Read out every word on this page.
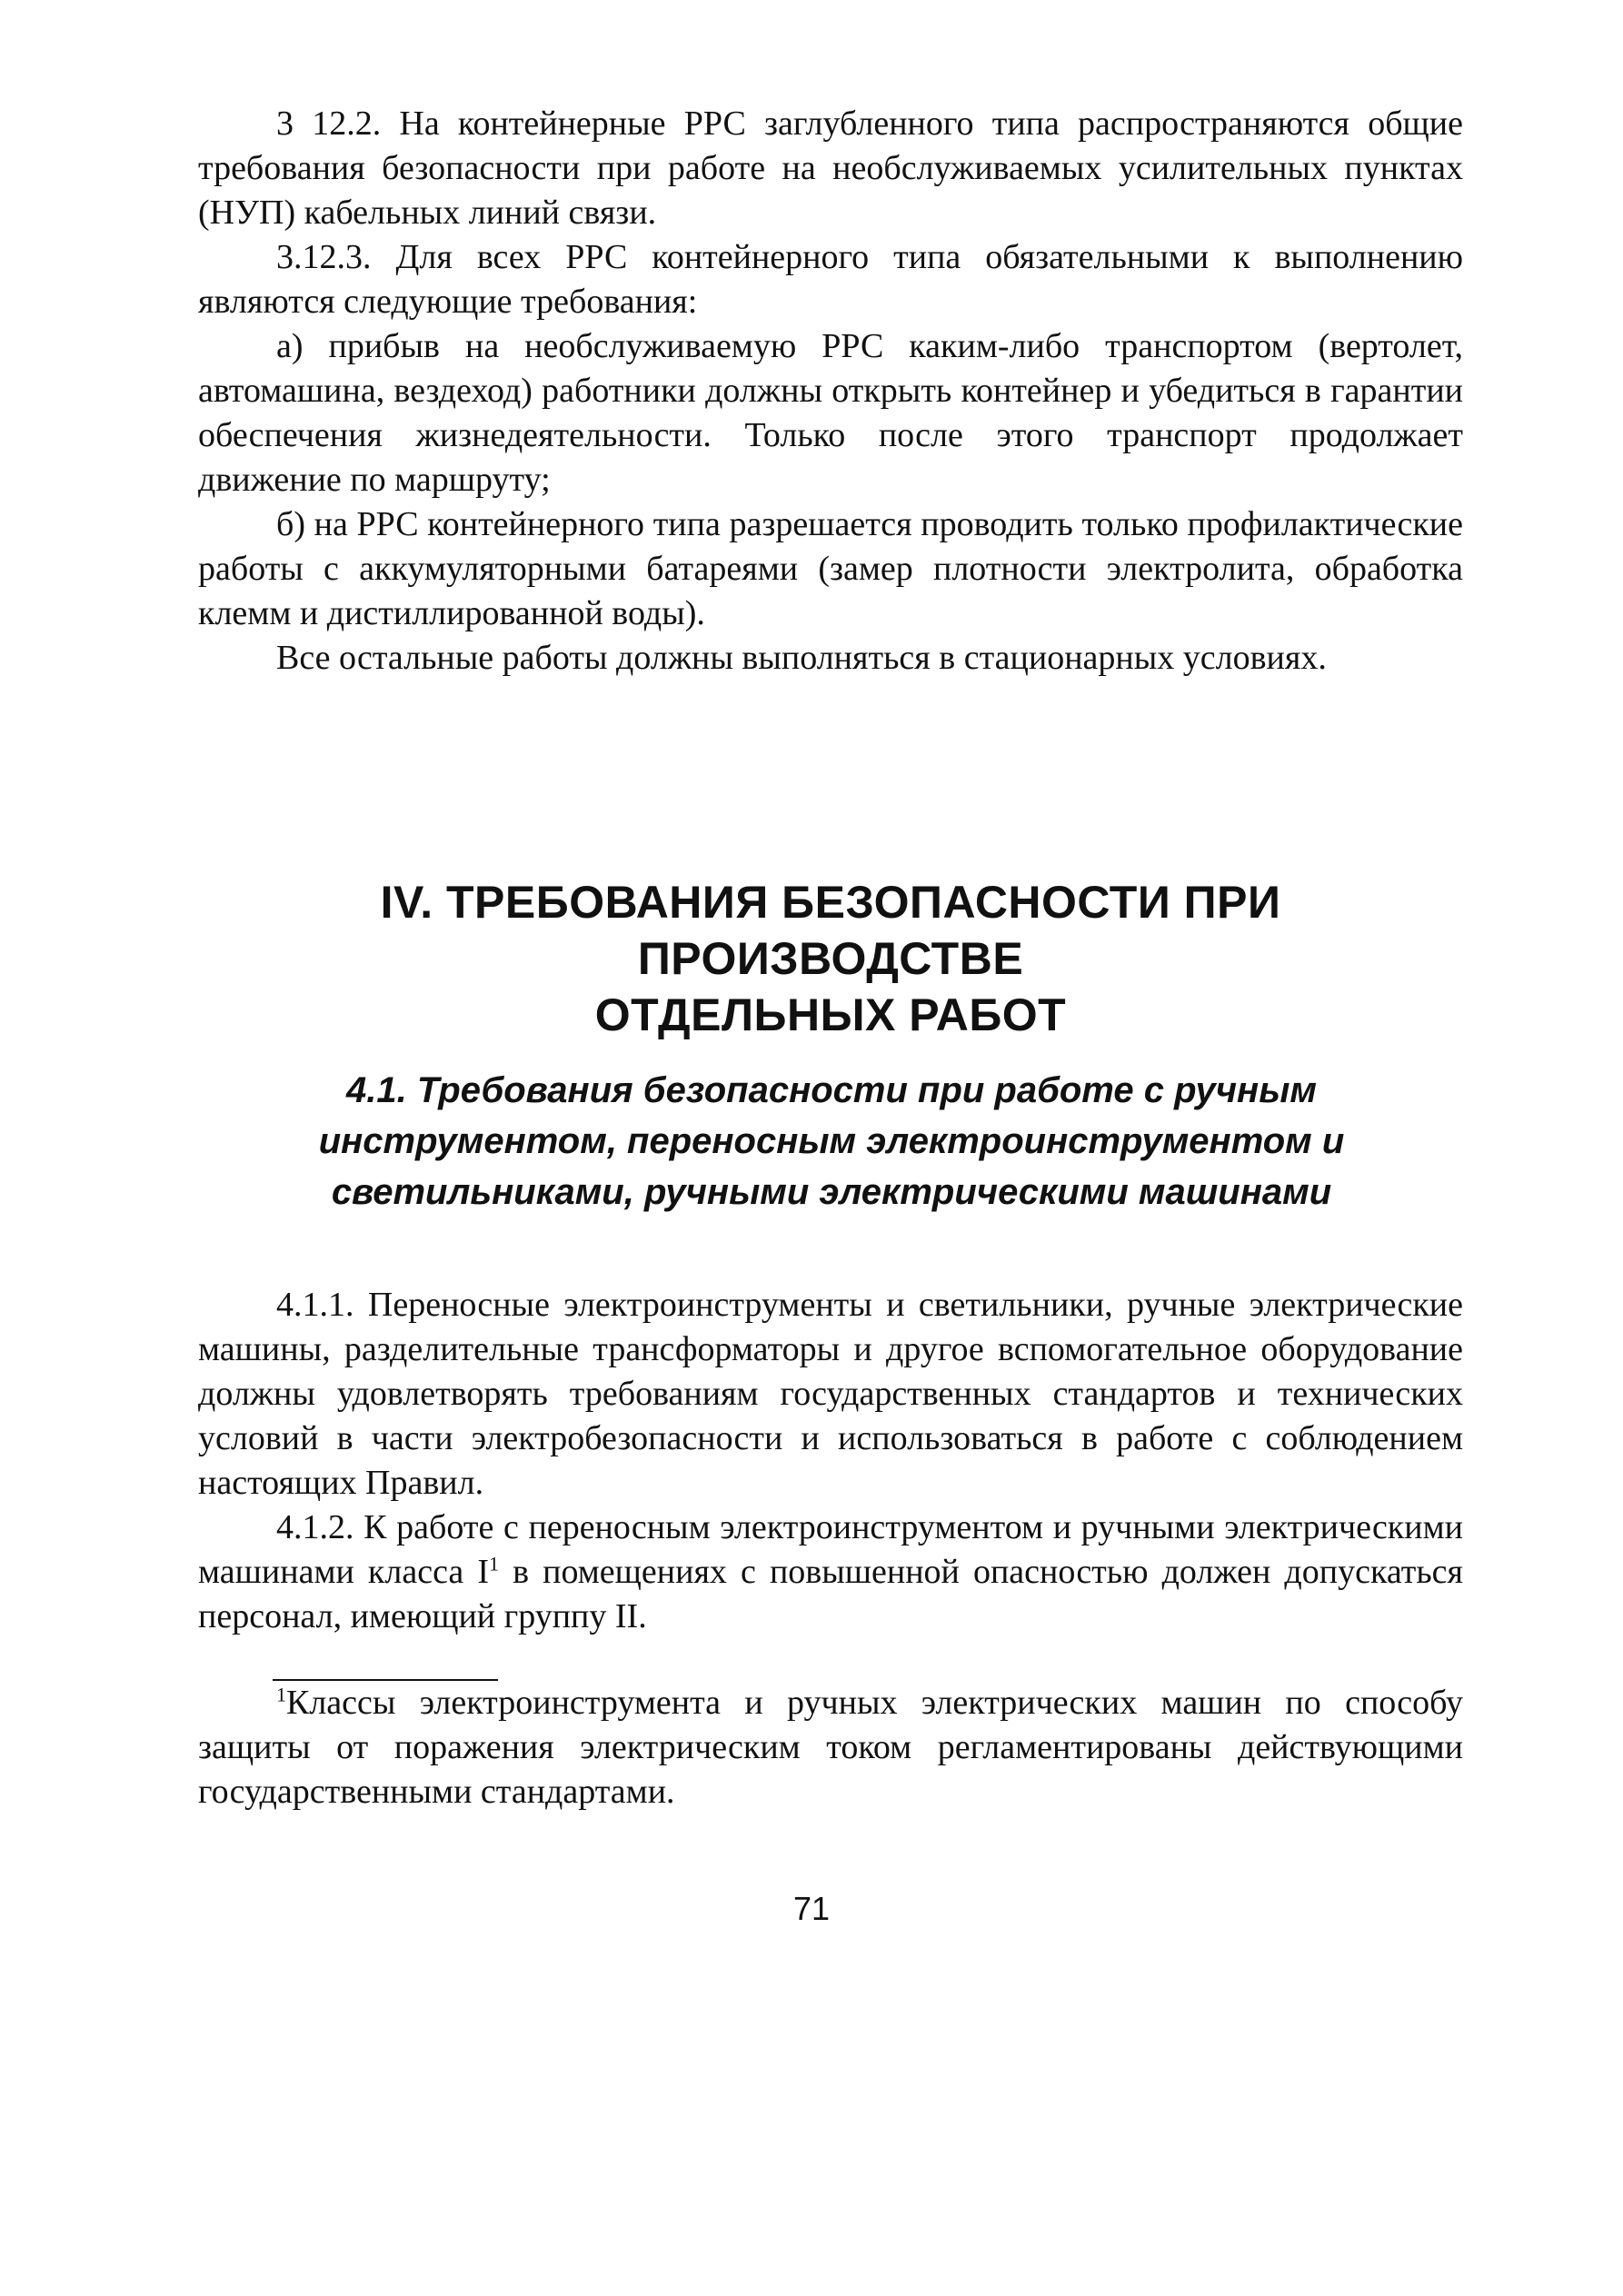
3 12.2. На контейнерные РРС заглубленного типа распространяются общие требования безопасности при работе на необслуживаемых усилительных пунктах (НУП) кабельных линий связи.

3.12.3. Для всех РРС контейнерного типа обязательными к выполнению являются следующие требования:

а) прибыв на необслуживаемую РРС каким-либо транспортом (вертолет, автомашина, вездеход) работники должны открыть контейнер и убедиться в гарантии обеспечения жизнедеятельности. Только после этого транспорт продолжает движение по маршруту;

б) на РРС контейнерного типа разрешается проводить только профилактические работы с аккумуляторными батареями (замер плотности электролита, обработка клемм и дистиллированной воды).

Все остальные работы должны выполняться в стационарных условиях.

IV. ТРЕБОВАНИЯ БЕЗОПАСНОСТИ ПРИ ПРОИЗВОДСТВЕ
ОТДЕЛЬНЫХ РАБОТ
4.1. Требования безопасности при работе с ручным
инструментом, переносным электроинструментом и
светильниками, ручными электрическими машинами

4.1.1. Переносные электроинструменты и светильники, ручные электрические машины, разделительные трансформаторы и другое вспомогательное оборудование должны удовлетворять требованиям государственных стандартов и технических условий в части электробезопасности и использоваться в работе с соблюдением настоящих Правил.

4.1.2. К работе с переносным электроинструментом и ручными электрическими машинами класса $I^1$ в помещениях с повышенной опасностью должен допускаться персонал, имеющий группу II.

$^1$Классы электроинструмента и ручных электрических машин по способу защиты от поражения электрическим током регламентированы действующими государственными стандартами.

71
